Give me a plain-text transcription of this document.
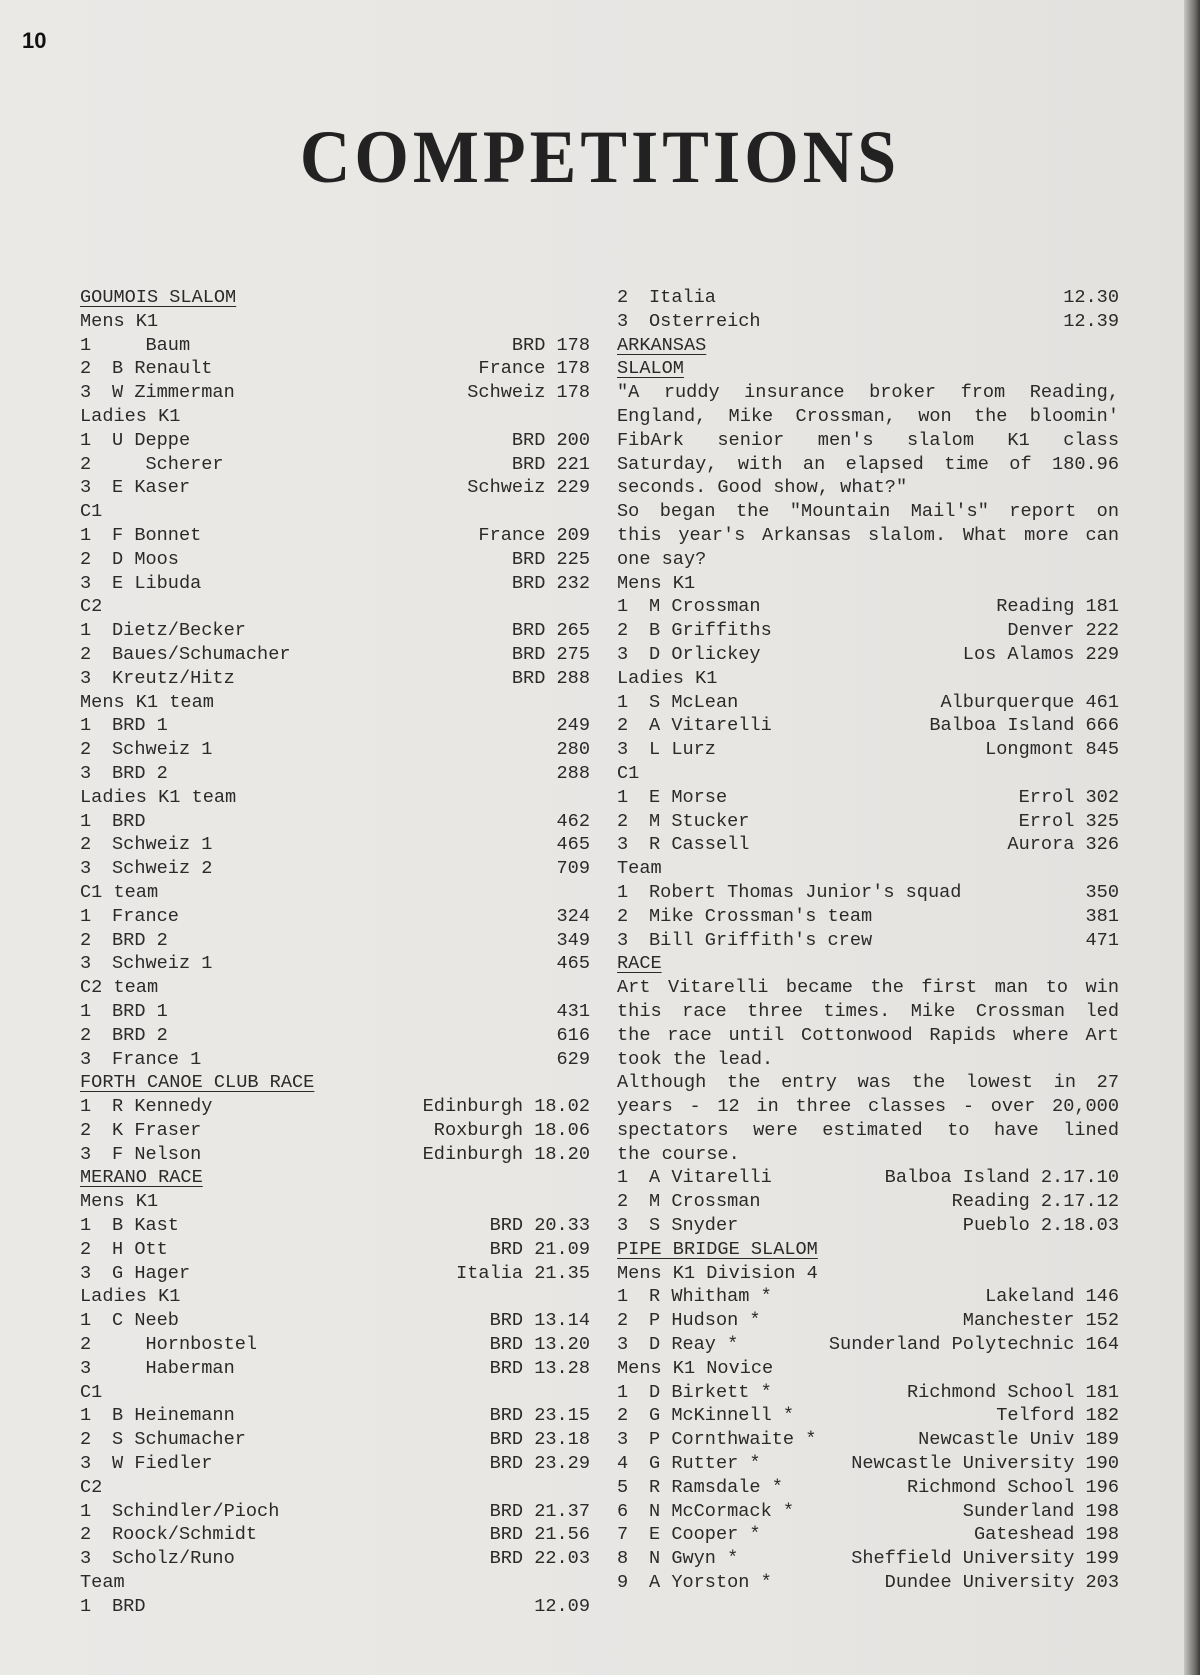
10
COMPETITIONS
GOUMOIS SLALOM
Mens K1
1	Baum	BRD 178
2	B Renault	France 178
3	W Zimmerman	Schweiz 178
Ladies K1
1	U Deppe	BRD 200
2	Scherer	BRD 221
3	E Kaser	Schweiz 229
C1
1	F Bonnet	France 209
2	D Moos	BRD 225
3	E Libuda	BRD 232
C2
1	Dietz/Becker	BRD 265
2	Baues/Schumacher	BRD 275
3	Kreutz/Hitz	BRD 288
Mens K1 team
1	BRD 1	249
2	Schweiz 1	280
3	BRD 2	288
Ladies K1 team
1	BRD	462
2	Schweiz 1	465
3	Schweiz 2	709
C1 team
1	France	324
2	BRD 2	349
3	Schweiz 1	465
C2 team
1	BRD 1	431
2	BRD 2	616
3	France 1	629
FORTH CANOE CLUB RACE
1	R Kennedy	Edinburgh 18.02
2	K Fraser	Roxburgh 18.06
3	F Nelson	Edinburgh 18.20
MERANO RACE
Mens K1
1	B Kast	BRD 20.33
2	H Ott	BRD 21.09
3	G Hager	Italia 21.35
Ladies K1
1	C Neeb	BRD 13.14
2	Hornbostel	BRD 13.20
3	Haberman	BRD 13.28
C1
1	B Heinemann	BRD 23.15
2	S Schumacher	BRD 23.18
3	W Fiedler	BRD 23.29
C2
1	Schindler/Pioch	BRD 21.37
2	Roock/Schmidt	BRD 21.56
3	Scholz/Runo	BRD 22.03
Team
1	BRD	12.09
2	Italia	12.30
3	Osterreich	12.39
ARKANSAS
SLALOM
"A ruddy insurance broker from Reading,
England, Mike Crossman, won the bloomin'
FibArk senior men's slalom K1 class
Saturday, with an elapsed time of 180.96
seconds. Good show, what?"
So began the "Mountain Mail's" report on
this year's Arkansas slalom. What more can
one say?
Mens K1
1	M Crossman	Reading 181
2	B Griffiths	Denver 222
3	D Orlickey	Los Alamos 229
Ladies K1
1	S McLean	Alburquerque 461
2	A Vitarelli	Balboa Island 666
3	L Lurz	Longmont 845
C1
1	E Morse	Errol 302
2	M Stucker	Errol 325
3	R Cassell	Aurora 326
Team
1	Robert Thomas Junior's squad	350
2	Mike Crossman's team	381
3	Bill Griffith's crew	471
RACE
Art Vitarelli became the first man to win
this race three times. Mike Crossman led
the race until Cottonwood Rapids where Art
took the lead.
Although the entry was the lowest in 27
years - 12 in three classes - over 20,000
spectators were estimated to have lined
the course.
1	A Vitarelli	Balboa Island 2.17.10
2	M Crossman	Reading 2.17.12
3	S Snyder	Pueblo 2.18.03
PIPE BRIDGE SLALOM
Mens K1 Division 4
1	R Whitham *	Lakeland 146
2	P Hudson *	Manchester 152
3	D Reay *	Sunderland Polytechnic 164
Mens K1 Novice
1	D Birkett *	Richmond School 181
2	G McKinnell *	Telford 182
3	P Cornthwaite *	Newcastle Univ 189
4	G Rutter *	Newcastle University 190
5	R Ramsdale *	Richmond School 196
6	N McCormack *	Sunderland 198
7	E Cooper *	Gateshead 198
8	N Gwyn *	Sheffield University 199
9	A Yorston *	Dundee University 203
